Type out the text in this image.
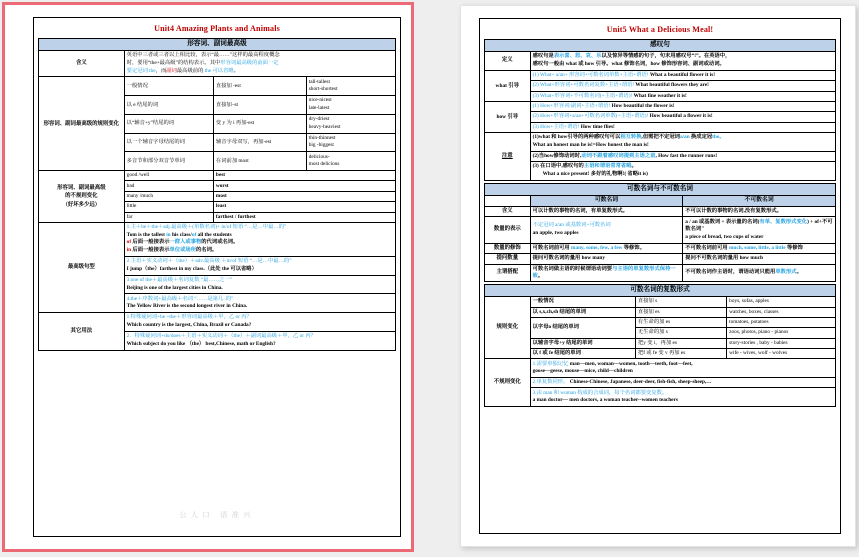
Unit4 Amazing Plants and Animals
形容词、副词最高级			
含义	英语中三者或三者以上相比较，表示“最……”这样的最高程度概念
时，要用“the+最高级”的结构表示。其中形容词最高级的前面一定
要定冠词 the，而副词最高级前的 the 可以省略。		
形容词、副词最高级的规则变化	一般情况	直接加 -est	tall-tallest
short-shortest
	以 e 结尾的词	直接加–st	nice-nicest
late-latest
	以“辅音+y”结尾的词	变 y 为 i 再加-est	dry-driest
heavy-heaviest
	以一个辅音字母结尾的词	辅音字母双写，再加-est	thin-thinnest
big -biggest
	多音节和部分双音节单词	在词前加 most	delicious-
most delicious
形容词、副词最高级
的不规则变化
（好坏多少远）	good /well	best	
	bad	worst	
	many /much	most	
	little	least	
	far	farthest / furthest	
最高级句型	1.主＋be＋the＋adj.最高级＋(单数名词)+ in/of 短语 “…是…中最…的”
Tom is the tallest in his class/of all the students
of 后面一般接表示一群人或事物的代词或名词。
in 后面一般接表示单位或场所的名词。		
	2.主语＋实义动词＋（the）＋adv.最高级 ＋in/of 短语 “…是…中最…的”
I jump（the）farthest in my class.（此处 the 可以省略）		
	3.one of the＋最高级＋名词复数 “最……之一”
Beijing is one of the largest cities in China.		
	4.the＋序数词+最高级＋名词 “……是第几..的”
The Yellow River is the second longest river in China.		
其它用法	1.特殊疑问词+be +the＋形容词最高级＋甲，乙 or 丙？
Which country is the largest, China, Brazil or Canada?		
	2．特殊疑问词+do/does＋主语＋实义动词＋（the）＋副词最高级＋甲，乙 or 丙？
Which subject do you like （the） best,Chinese, math or English?		
公人口 语准兴
Unit5 What a Delicious Meal!
感叹句	
定义	感叹句是表示喜、怒、哀、乐以及惊异等情感的句子，句末用感叹号“!”。在英语中，
感叹句一般由 what 或 how 引导。what 修饰名词，how 修饰形容词、副词或动词。
what 引导	(1) What+ a/an+ 形容词+可数名词单数+主语+谓语! What a beautiful flower it is!
	(2) What+形容词+可数名词复数+主语+谓语! What beautiful flowers they are!
	(3) What+形容词+不可数名词(+主语+谓语)! What fine weather it is!
how 引导	(1) How+形容词/副词+主语+谓语! How beautiful the flower is!
	(2) How+形容词+a/an+可数名词单数(+主语+谓语)! How beautiful a flower it is!
	(3) How+主语+谓语! How time flies!
注意	(1)what 和 how引导的两种感叹句可以相互转换,但需把不定冠词a/an 换成定冠the。
What an honest man he is!=How honest the man is!
	(2)当how修饰动词时,动词不跟着感叹词提到主语之前, How fast the runner runs!
	(3) 在口语中,感叹句的主语和谓语常常省略。
What a nice present! 多好的礼物啊!( 省略it is)
可数名词与不可数名词		
	可数名词	不可数名词
含义	可以计数的事物的名词，有单复数形式。	不可以计数的事物的名词,没有复数形式。
数量的表示	不定冠词 a/an 或基数词+可数名词
an apple, two apples	a / an 或基数词 + 表示量的名词(有单、复数形式变化) + of+不可数名词"
a piece of bread, two cups of water
数量的修饰	可数名词前可用 many, some, few, a few 等修饰。	不可数名词前可用 much, some, little, a little 等修饰
提问数量	提问可数名词的量用 how many	提问不可数名词的量用 how much
主谓搭配	可数名词做主语的时候谓语动词要与主语的单复数形式保持一致。	不可数名词作主语时，谓语动词只能用单数形式。
可数名词的复数形式			
规则变化	一般情况	直接加 s	boys, sofas, apples
	以 s,x,ch,sh 结尾的单词	直接加 es	watches, boxes, classes
	以字母o 结尾的单词	有生命的加 es	tomatoes, potatoes
		无生命的加 s	zoos, photos, piano - pianos
	以辅音字母+y 结尾的单词	把y 变 i，再加 es	story-stories , baby - babies
	以 f 或 fe 结尾的单词	把f 或 fe 变 v 再加 es	wife - wives, wolf - wolves
不规则变化	1.需要单独记忆 man—men, woman—women, tooth—teeth, foot—feet,
goose—geese, mouse—mice, child—children		
	2.单复数同形。 Chinese-Chinese, Japanese, deer-deer, fish-fish, sheep-sheep,…		
	3.由 man 和 woman 构成的合成词，每个名词都要变复数。
a man doctor— men doctors, a woman teacher--women teachers		
